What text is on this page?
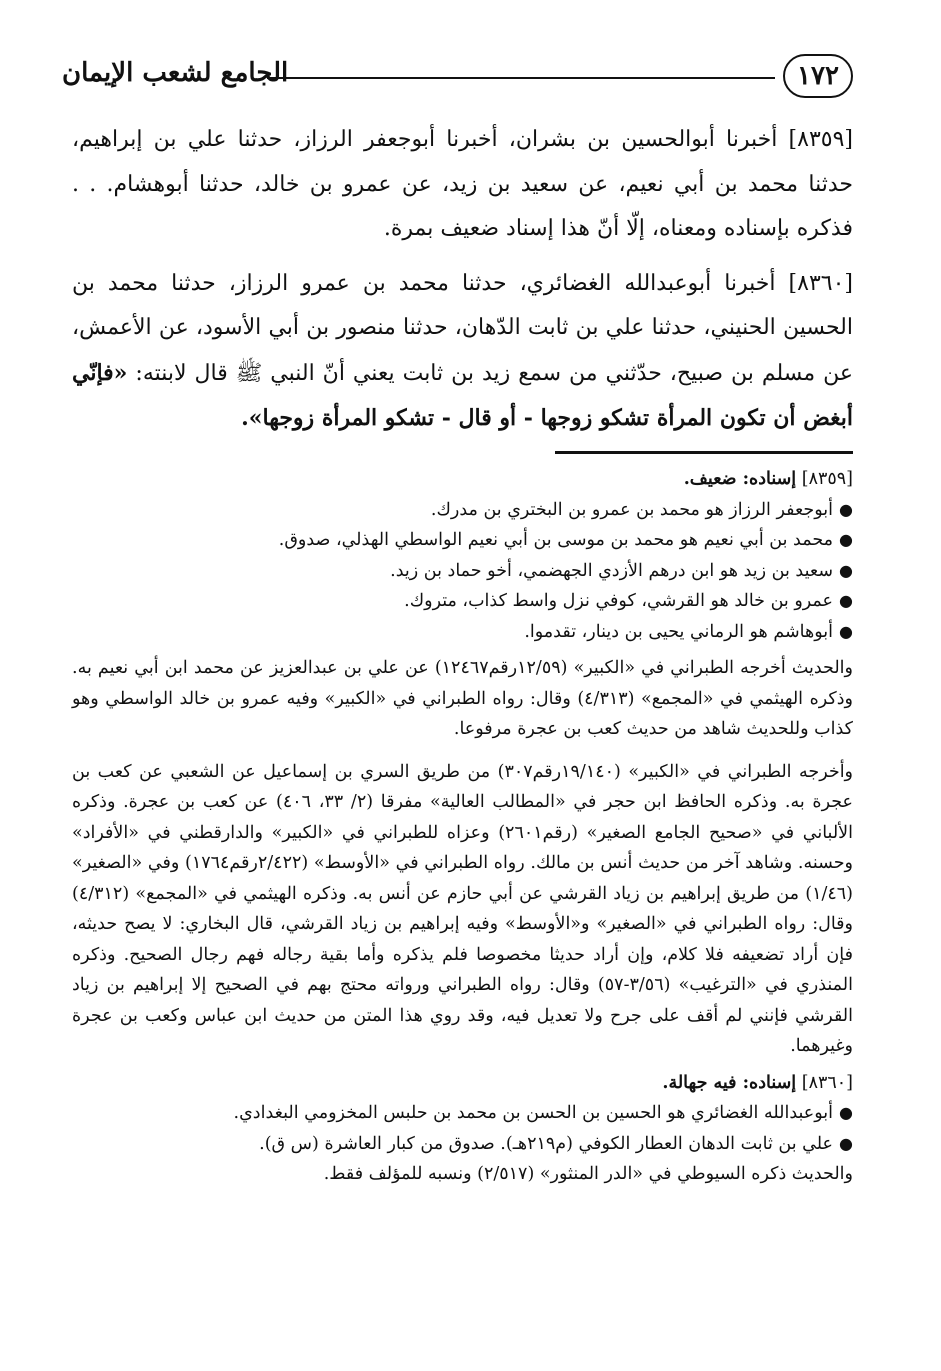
الجامع لشعب الإيمان	١٧٢

[٨٣٥٩] أخبرنا أبوالحسين بن بشران، أخبرنا أبوجعفر الرزاز، حدثنا علي بن إبراهيم، حدثنا محمد بن أبي نعيم، عن سعيد بن زيد، عن عمرو بن خالد، حدثنا أبوهشام. . . فذكره بإسناده ومعناه، إلّا أنّ هذا إسناد ضعيف بمرة.

[٨٣٦٠] أخبرنا أبوعبدالله الغضائري، حدثنا محمد بن عمرو الرزاز، حدثنا محمد بن الحسين الحنيني، حدثنا علي بن ثابت الدّهان، حدثنا منصور بن أبي الأسود، عن الأعمش، عن مسلم بن صبيح، حدّثني من سمع زيد بن ثابت يعني أنّ النبي ﷺ قال لابنته: «فإنّي أبغض أن تكون المرأة تشكو زوجها - أو قال - تشكو المرأة زوجها».

[٨٣٥٩] إسناده: ضعيف.

●
أبوجعفر الرزاز هو محمد بن عمرو بن البختري بن مدرك.
●
محمد بن أبي نعيم هو محمد بن موسى بن أبي نعيم الواسطي الهذلي، صدوق.
●
سعيد بن زيد هو ابن درهم الأزدي الجهضمي، أخو حماد بن زيد.
●
عمرو بن خالد هو القرشي، كوفي نزل واسط كذاب، متروك.
●
أبوهاشم هو الرماني يحيى بن دينار، تقدموا.

والحديث أخرجه الطبراني في «الكبير» (١٢/٥٩رقم١٢٤٦٧) عن علي بن عبدالعزيز عن محمد ابن أبي نعيم به. وذكره الهيثمي في «المجمع» (٤/٣١٣) وقال: رواه الطبراني في «الكبير» وفيه عمرو بن خالد الواسطي وهو كذاب وللحديث شاهد من حديث كعب بن عجرة مرفوعا.

وأخرجه الطبراني في «الكبير» (١٩/١٤٠رقم٣٠٧) من طريق السري بن إسماعيل عن الشعبي عن كعب بن عجرة به. وذكره الحافظ ابن حجر في «المطالب العالية» مفرقا (٢/ ٣٣، ٤٠٦) عن كعب بن عجرة. وذكره الألباني في «صحيح الجامع الصغير» (رقم٢٦٠١) وعزاه للطبراني في «الكبير» والدارقطني في «الأفراد» وحسنه. وشاهد آخر من حديث أنس بن مالك. رواه الطبراني في «الأوسط» (٢/٤٢٢رقم١٧٦٤) وفي «الصغير» (١/٤٦) من طريق إبراهيم بن زياد القرشي عن أبي حازم عن أنس به. وذكره الهيثمي في «المجمع» (٤/٣١٢) وقال: رواه الطبراني في «الصغير» و«الأوسط» وفيه إبراهيم بن زياد القرشي، قال البخاري: لا يصح حديثه، فإن أراد تضعيفه فلا كلام، وإن أراد حديثا مخصوصا فلم يذكره وأما بقية رجاله فهم رجال الصحيح. وذكره المنذري في «الترغيب» (٣/٥٦-٥٧) وقال: رواه الطبراني ورواته محتج بهم في الصحيح إلا إبراهيم بن زياد القرشي فإنني لم أقف على جرح ولا تعديل فيه، وقد روي هذا المتن من حديث ابن عباس وكعب بن عجرة وغيرهما.

[٨٣٦٠] إسناده: فيه جهالة.

●
أبوعبدالله الغضائري هو الحسين بن الحسن بن محمد بن حلبس المخزومي البغدادي.
●
علي بن ثابت الدهان العطار الكوفي (م٢١٩هـ). صدوق من كبار العاشرة (س ق).

والحديث ذكره السيوطي في «الدر المنثور» (٢/٥١٧) ونسبه للمؤلف فقط.
